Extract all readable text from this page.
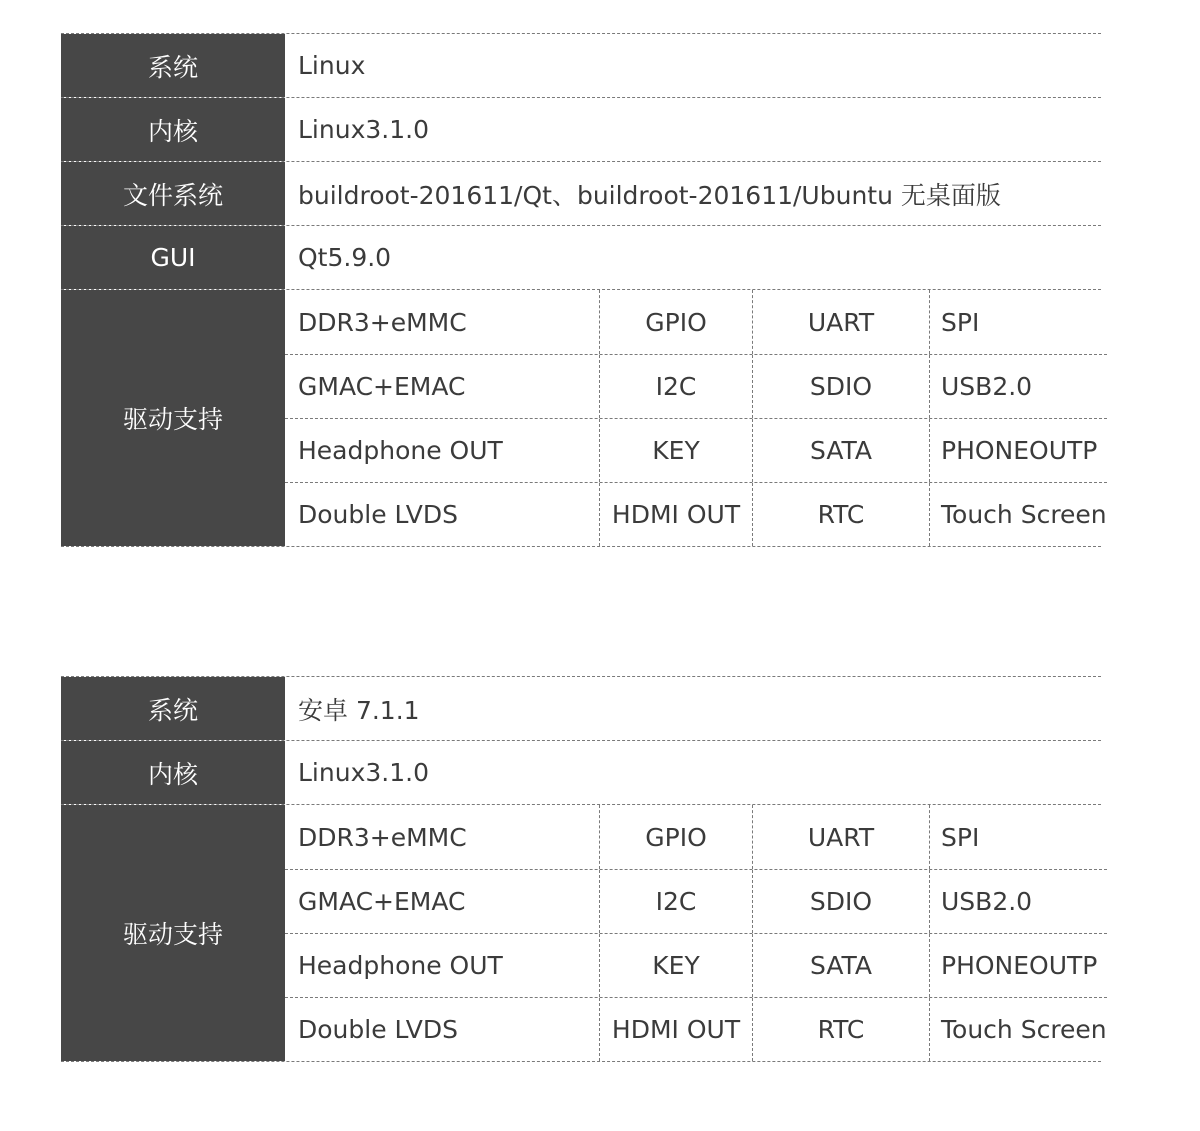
系统	Linux
内核	Linux3.1.0
文件系统	buildroot-201611/Qt、buildroot-201611/Ubuntu 无桌面版
GUI	Qt5.9.0
驱动支持
DDR3+eMMC	GPIO	UART	SPI
GMAC+EMAC	I2C	SDIO	USB2.0
Headphone OUT	KEY	SATA	PHONEOUTP
Double LVDS	HDMI OUT	RTC	Touch Screen
系统	安卓 7.1.1
内核	Linux3.1.0
驱动支持
DDR3+eMMC	GPIO	UART	SPI
GMAC+EMAC	I2C	SDIO	USB2.0
Headphone OUT	KEY	SATA	PHONEOUTP
Double LVDS	HDMI OUT	RTC	Touch Screen
